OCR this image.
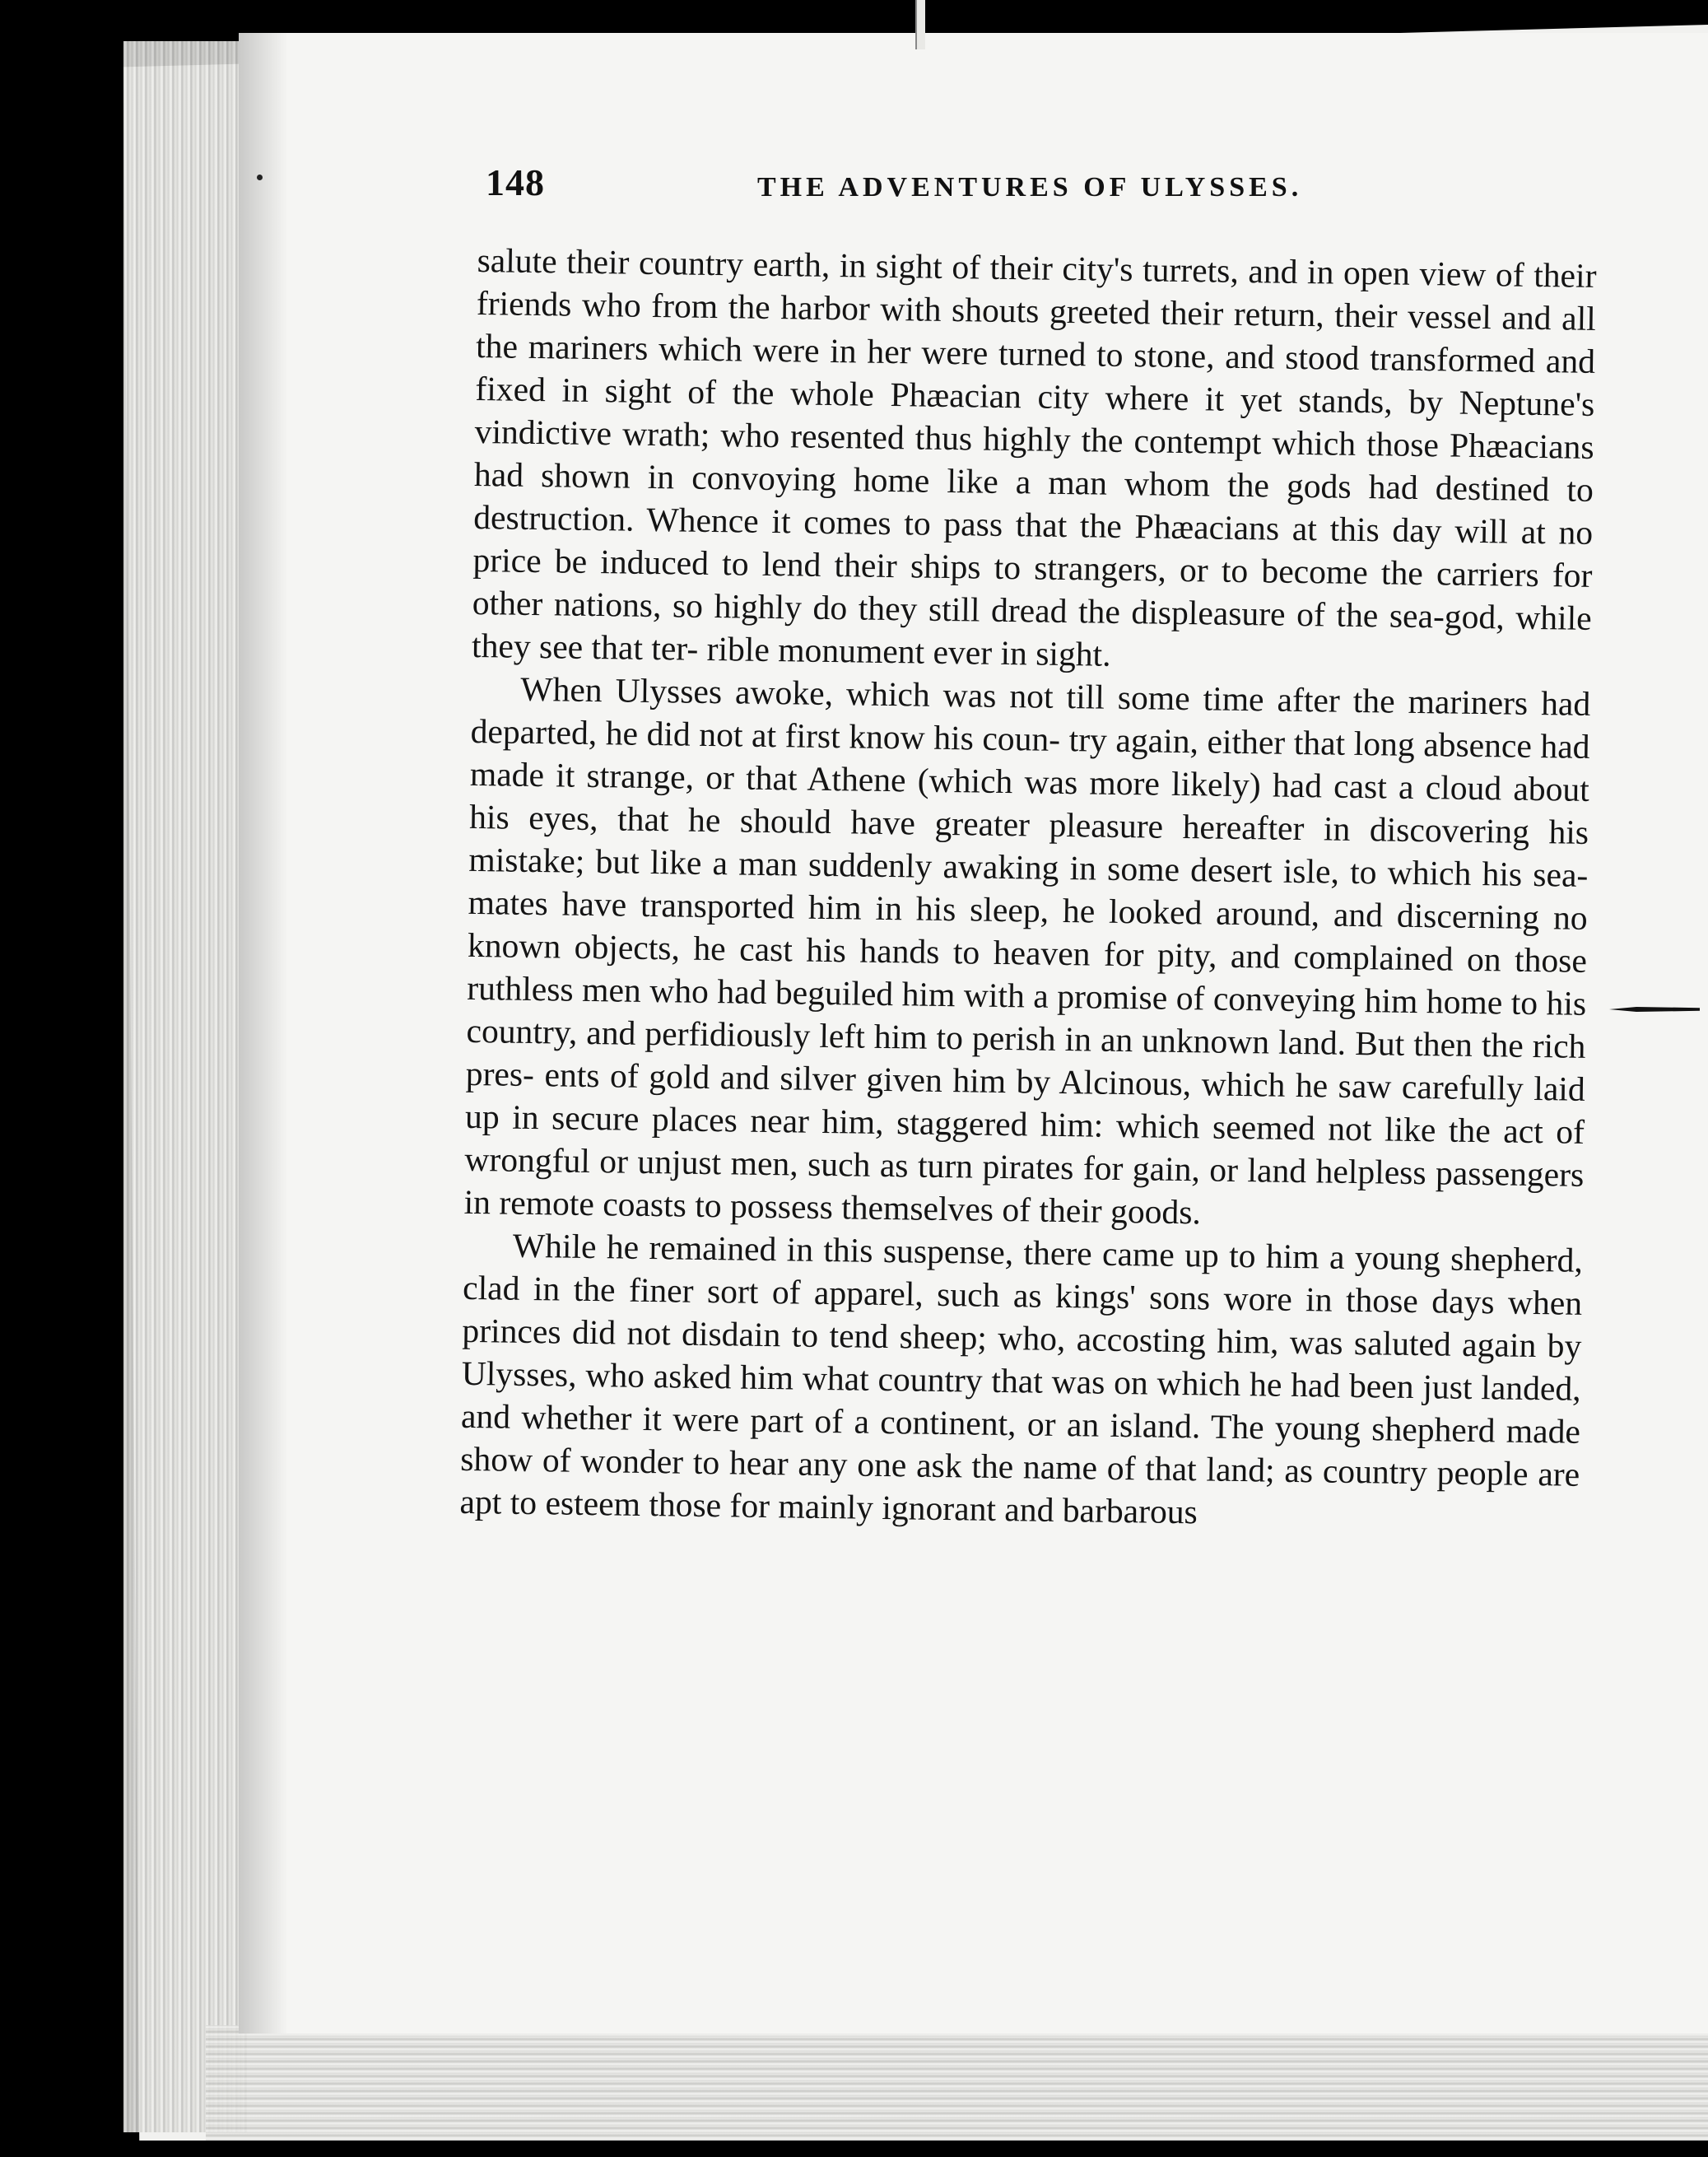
148	THE ADVENTURES OF ULYSSES.

salute their country earth, in sight of their city's turrets, and in open view of their friends who from the harbor with shouts greeted their return, their vessel and all the mariners which were in her were turned to stone, and stood transformed and fixed in sight of the whole Phæacian city where it yet stands, by Neptune's vindictive wrath; who resented thus highly the contempt which those Phæacians had shown in convoying home like a man whom the gods had destined to destruction. Whence it comes to pass that the Phæacians at this day will at no price be induced to lend their ships to strangers, or to become the carriers for other nations, so highly do they still dread the displeasure of the sea-god, while they see that ter- rible monument ever in sight.

When Ulysses awoke, which was not till some time after the mariners had departed, he did not at first know his coun- try again, either that long absence had made it strange, or that Athene (which was more likely) had cast a cloud about his eyes, that he should have greater pleasure hereafter in discovering his mistake; but like a man suddenly awaking in some desert isle, to which his sea-mates have transported him in his sleep, he looked around, and discerning no known objects, he cast his hands to heaven for pity, and complained on those ruthless men who had beguiled him with a promise of conveying him home to his country, and perfidiously left him to perish in an unknown land. But then the rich pres- ents of gold and silver given him by Alcinous, which he saw carefully laid up in secure places near him, staggered him: which seemed not like the act of wrongful or unjust men, such as turn pirates for gain, or land helpless passengers in remote coasts to possess themselves of their goods.

While he remained in this suspense, there came up to him a young shepherd, clad in the finer sort of apparel, such as kings' sons wore in those days when princes did not disdain to tend sheep; who, accosting him, was saluted again by Ulysses, who asked him what country that was on which he had been just landed, and whether it were part of a continent, or an island. The young shepherd made show of wonder to hear any one ask the name of that land; as country people are apt to esteem those for mainly ignorant and barbarous
